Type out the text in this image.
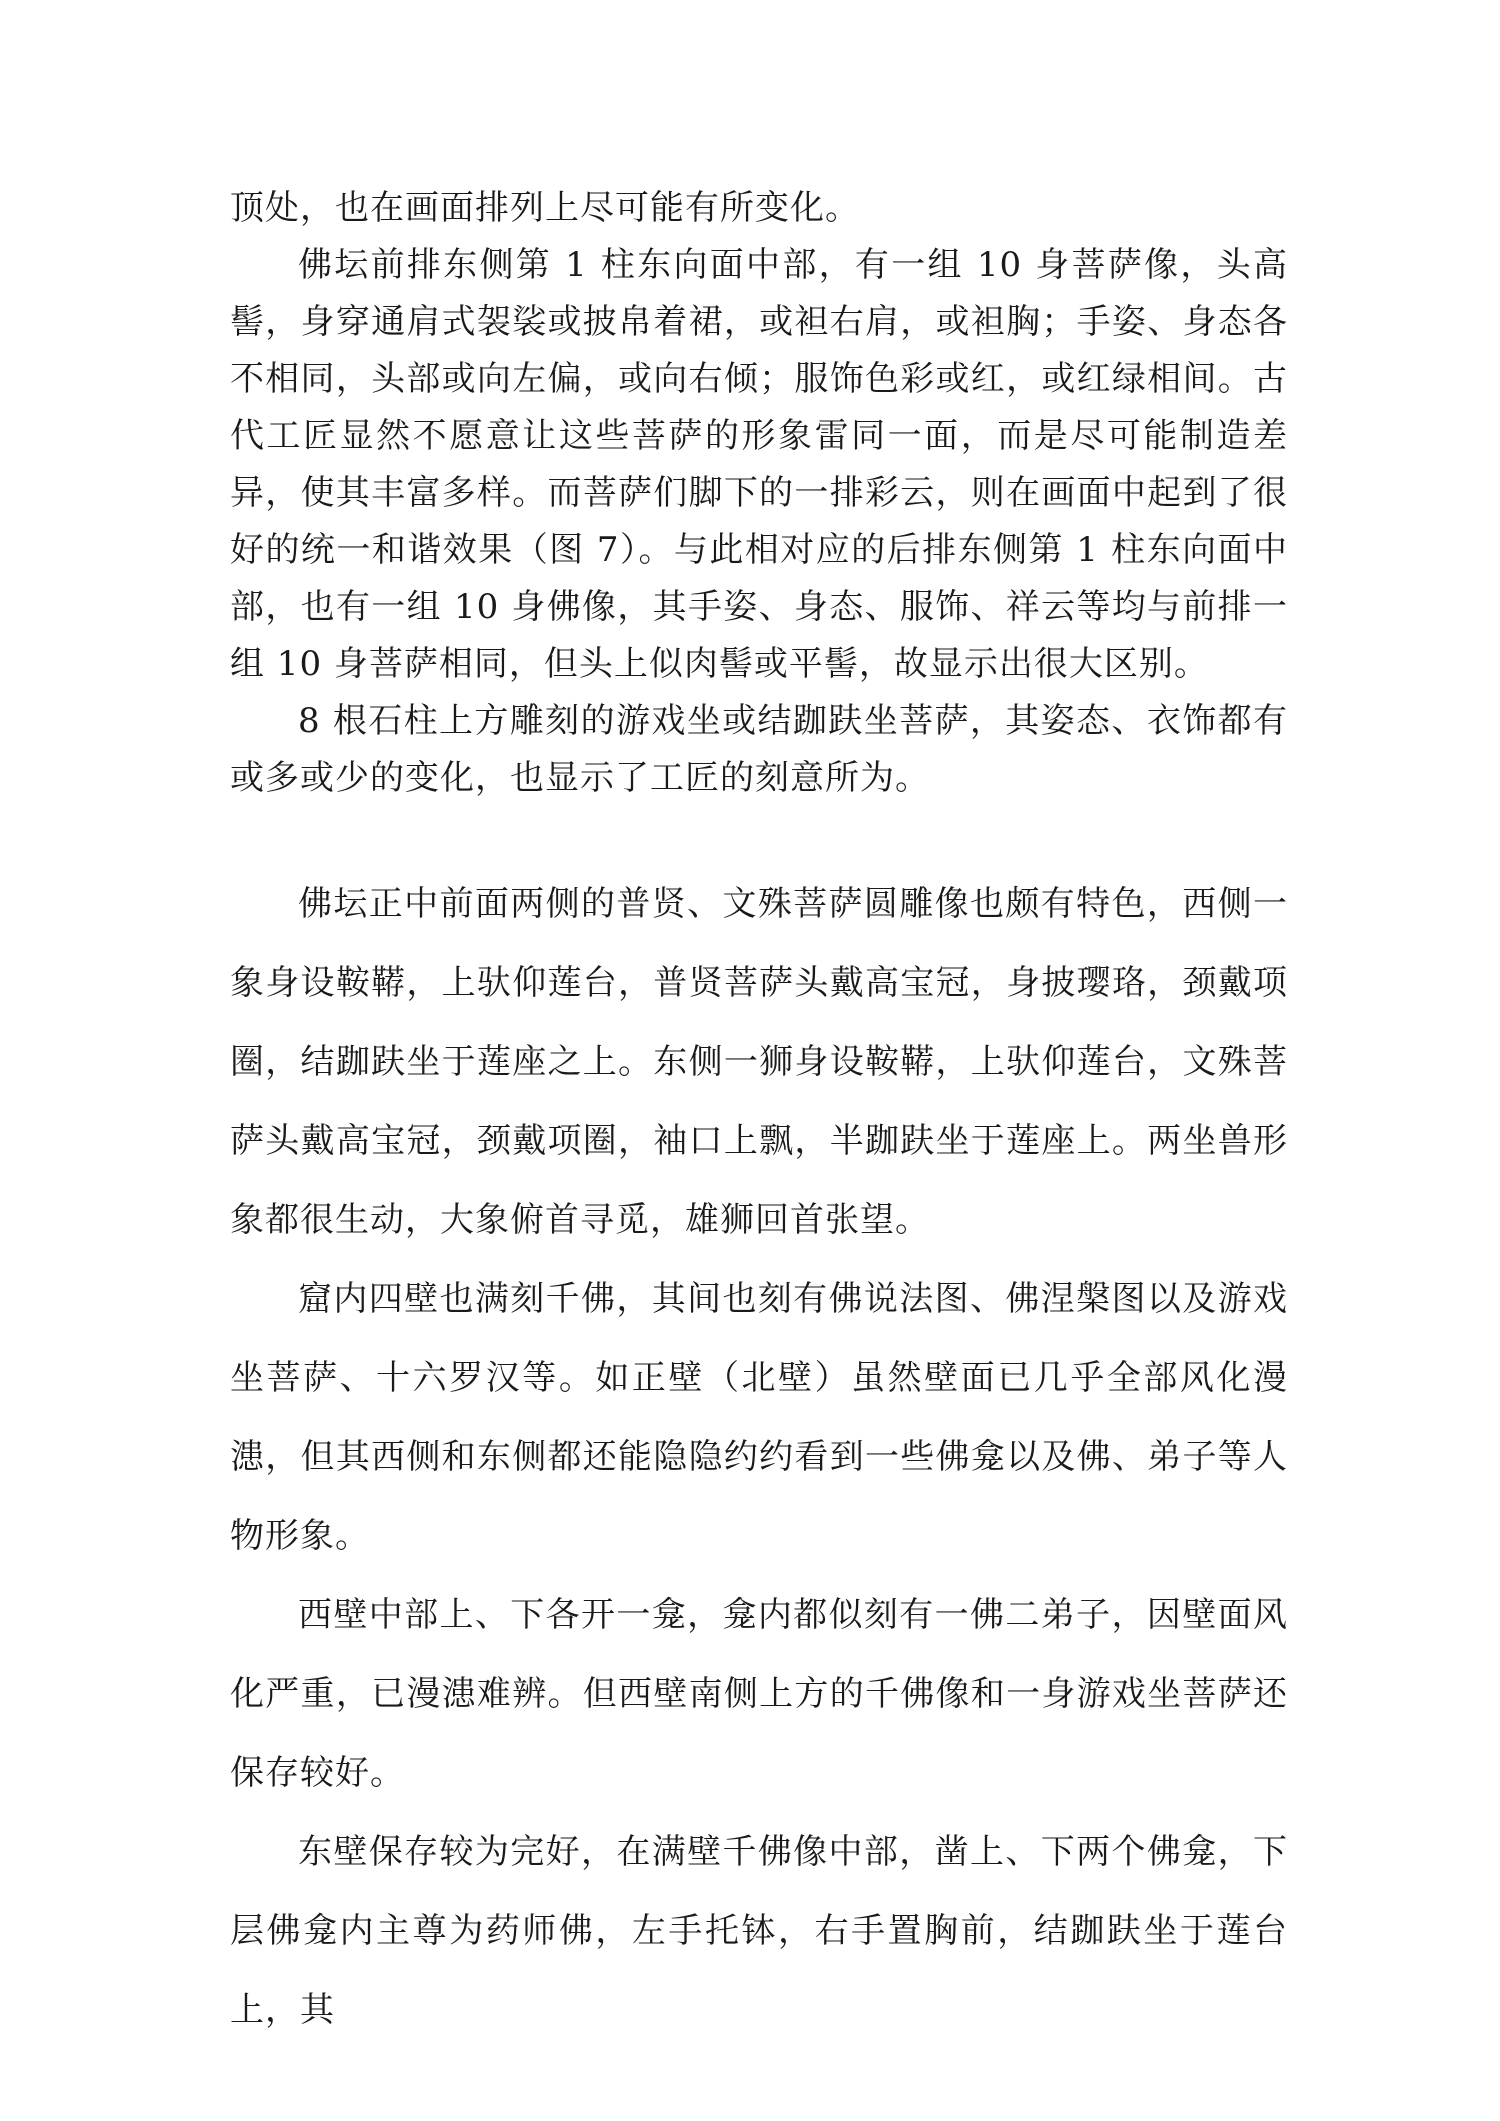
顶处，也在画面排列上尽可能有所变化。

佛坛前排东侧第 1 柱东向面中部，有一组 10 身菩萨像，头高髻，身穿通肩式袈裟或披帛着裙，或袒右肩，或袒胸；手姿、身态各不相同，头部或向左偏，或向右倾；服饰色彩或红，或红绿相间。古代工匠显然不愿意让这些菩萨的形象雷同一面，而是尽可能制造差异，使其丰富多样。而菩萨们脚下的一排彩云，则在画面中起到了很好的统一和谐效果（图 7）。与此相对应的后排东侧第 1 柱东向面中部，也有一组 10 身佛像，其手姿、身态、服饰、祥云等均与前排一组 10 身菩萨相同，但头上似肉髻或平髻，故显示出很大区别。

8 根石柱上方雕刻的游戏坐或结跏趺坐菩萨，其姿态、衣饰都有或多或少的变化，也显示了工匠的刻意所为。

佛坛正中前面两侧的普贤、文殊菩萨圆雕像也颇有特色，西侧一象身设鞍鞯，上驮仰莲台，普贤菩萨头戴高宝冠，身披璎珞，颈戴项圈，结跏趺坐于莲座之上。东侧一狮身设鞍鞯，上驮仰莲台，文殊菩萨头戴高宝冠，颈戴项圈，袖口上飘，半跏趺坐于莲座上。两坐兽形象都很生动，大象俯首寻觅，雄狮回首张望。

窟内四壁也满刻千佛，其间也刻有佛说法图、佛涅槃图以及游戏坐菩萨、十六罗汉等。如正壁（北壁）虽然壁面已几乎全部风化漫漶，但其西侧和东侧都还能隐隐约约看到一些佛龛以及佛、弟子等人物形象。

西壁中部上、下各开一龛，龛内都似刻有一佛二弟子，因壁面风化严重，已漫漶难辨。但西壁南侧上方的千佛像和一身游戏坐菩萨还保存较好。

东壁保存较为完好，在满壁千佛像中部，凿上、下两个佛龛，下层佛龛内主尊为药师佛，左手托钵，右手置胸前，结跏趺坐于莲台上，其
